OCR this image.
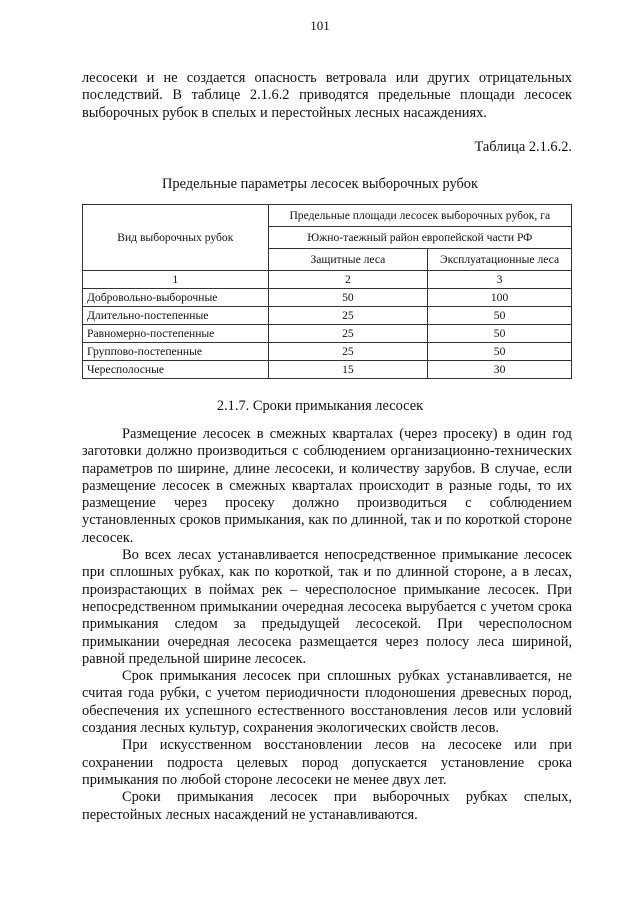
101

лесосеки и не создается опасность ветровала или других отрицательных последствий. В таблице 2.1.6.2 приводятся предельные площади лесосек выборочных рубок в спелых и перестойных лесных насаждениях.

Таблица 2.1.6.2.
Предельные параметры лесосек выборочных рубок
Вид выборочных рубок	Предельные площади лесосек выборочных рубок, га	
	Южно-таежный район европейской части РФ	
	Защитные леса	Эксплуатационные леса
1	2	3
Добровольно-выборочные	50	100
Длительно-постепенные	25	50
Равномерно-постепенные	25	50
Группово-постепенные	25	50
Чересполосные	15	30
2.1.7. Сроки примыкания лесосек

Размещение лесосек в смежных кварталах (через просеку) в один год заготовки должно производиться с соблюдением организационно-технических параметров по ширине, длине лесосеки, и количеству зарубов. В случае, если размещение лесосек в смежных кварталах происходит в разные годы, то их размещение через просеку должно производиться с соблюдением установленных сроков примыкания, как по длинной, так и по короткой стороне лесосек.

Во всех лесах устанавливается непосредственное примыкание лесосек при сплошных рубках, как по короткой, так и по длинной стороне, а в лесах, произрастающих в поймах рек – чересполосное примыкание лесосек. При непосредственном примыкании очередная лесосека вырубается с учетом срока примыкания следом за предыдущей лесосекой. При чересполосном примыкании очередная лесосека размещается через полосу леса шириной, равной предельной ширине лесосек.

Срок примыкания лесосек при сплошных рубках устанавливается, не считая года рубки, с учетом периодичности плодоношения древесных пород, обеспечения их успешного естественного восстановления лесов или условий создания лесных культур, сохранения экологических свойств лесов.

При искусственном восстановлении лесов на лесосеке или при сохранении подроста целевых пород допускается установление срока примыкания по любой стороне лесосеки не менее двух лет.

Сроки примыкания лесосек при выборочных рубках спелых, перестойных лесных насаждений не устанавливаются.
